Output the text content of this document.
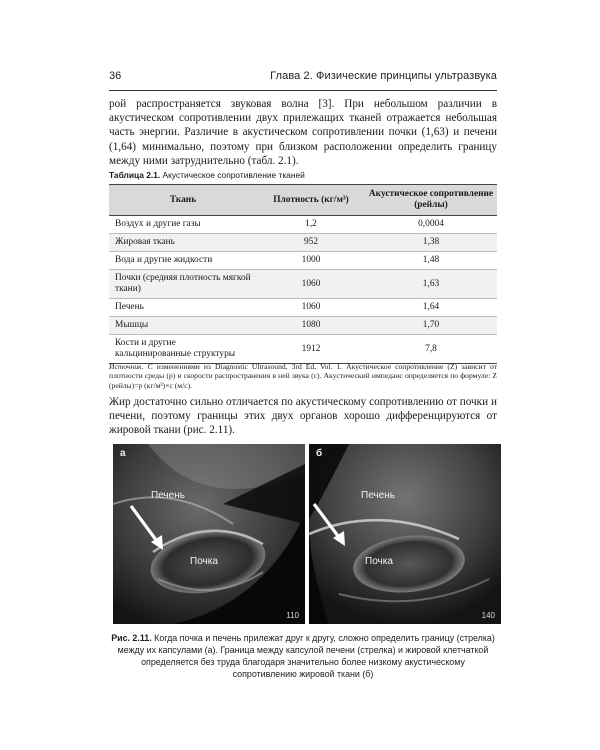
36	Глава 2. Физические принципы ультразвука

рой распространяется звуковая волна [3]. При небольшом различии в акустическом сопротивлении двух прилежащих тканей отражается небольшая часть энергии. Различие в акустическом сопротивлении почки (1,63) и печени (1,64) минимально, поэтому при близком расположении определить границу между ними затруднительно (табл. 2.1).

Таблица 2.1. Акустическое сопротивление тканей
Ткань	Плотность (кг/м³)	Акустическое сопротивление (рейлы)
Воздух и другие газы	1,2	0,0004
Жировая ткань	952	1,38
Вода и другие жидкости	1000	1,48
Почки (средняя плотность мягкой ткани)	1060	1,63
Печень	1060	1,64
Мышцы	1080	1,70
Кости и другие кальцинированные структуры	1912	7,8

Источник. С изменениями из Diagnostic Ultrasound, 3rd Ed, Vol. 1. Акустическое сопротивление (Z) зависит от плотности среды (p) и скорости распространения в ней звука (c). Акустический импеданс определяется по формуле: Z (рейлы)=p (кг/м³)×c (м/с).

Жир достаточно сильно отличается по акустическому сопротивлению от почки и печени, поэтому границы этих двух органов хорошо дифференцируются от жировой ткани (рис. 2.11).

а
Печень
Почка
110
б
Печень
Почка
140

Рис. 2.11. Когда почка и печень прилежат друг к другу, сложно определить границу (стрелка) между их капсулами (а). Граница между капсулой печени (стрелка) и жировой клетчаткой определяется без труда благодаря значительно более низкому акустическому сопротивлению жировой ткани (б)
